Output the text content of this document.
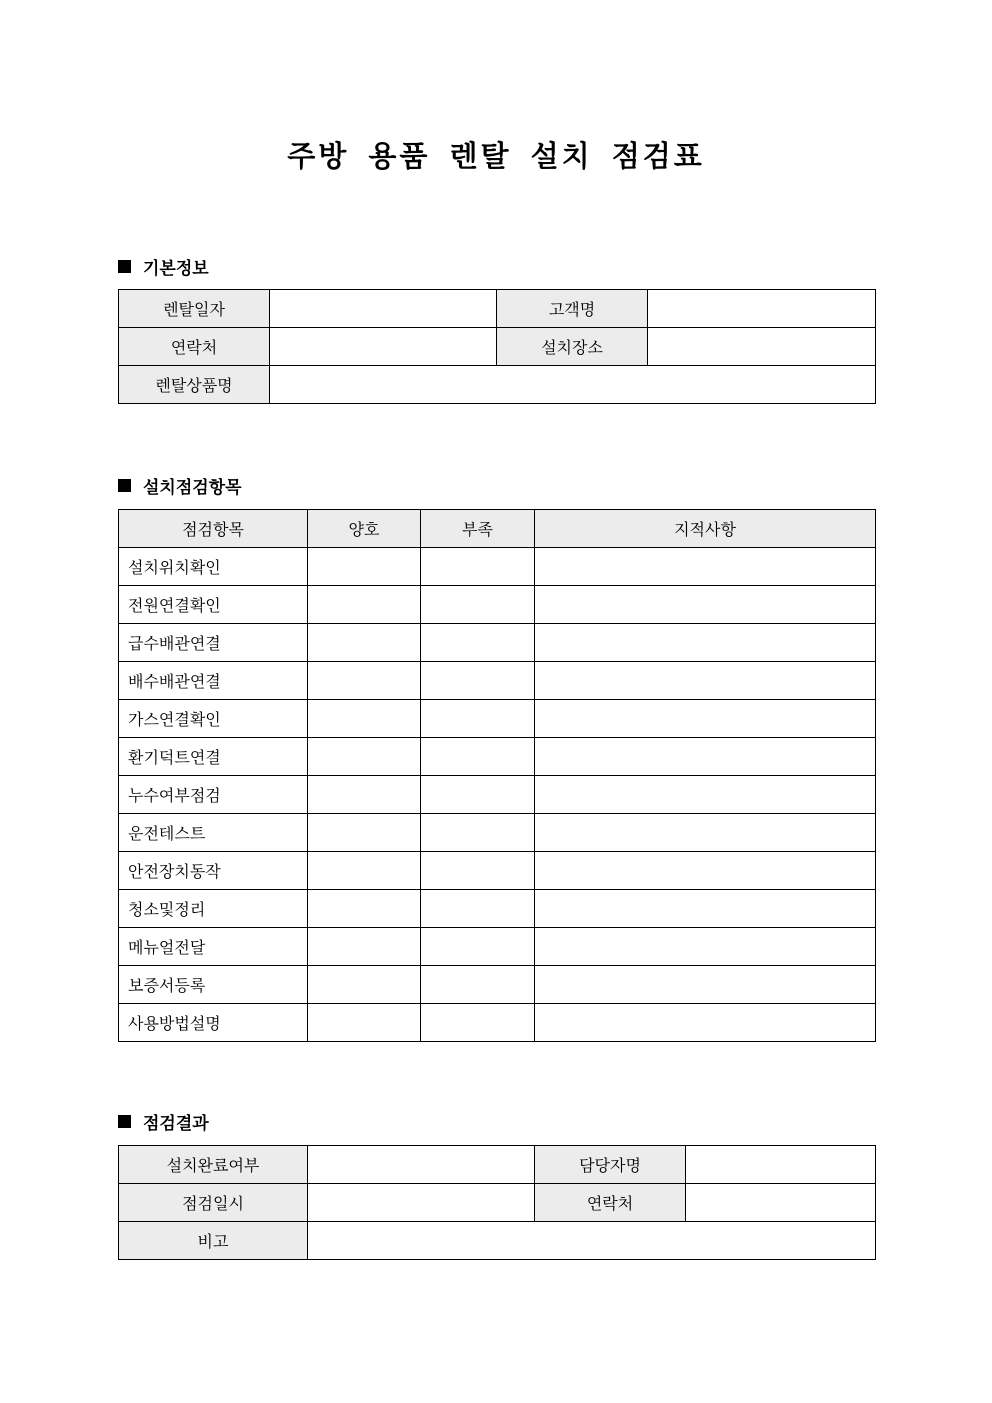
주방 용품 렌탈 설치 점검표
기본정보
렌탈일자		고객명	
연락처		설치장소	
렌탈상품명			
설치점검항목
점검항목	양호	부족	지적사항
설치위치확인			
전원연결확인			
급수배관연결			
배수배관연결			
가스연결확인			
환기덕트연결			
누수여부점검			
운전테스트			
안전장치동작			
청소및정리			
메뉴얼전달			
보증서등록			
사용방법설명			
점검결과
설치완료여부		담당자명	
점검일시		연락처	
비고			
